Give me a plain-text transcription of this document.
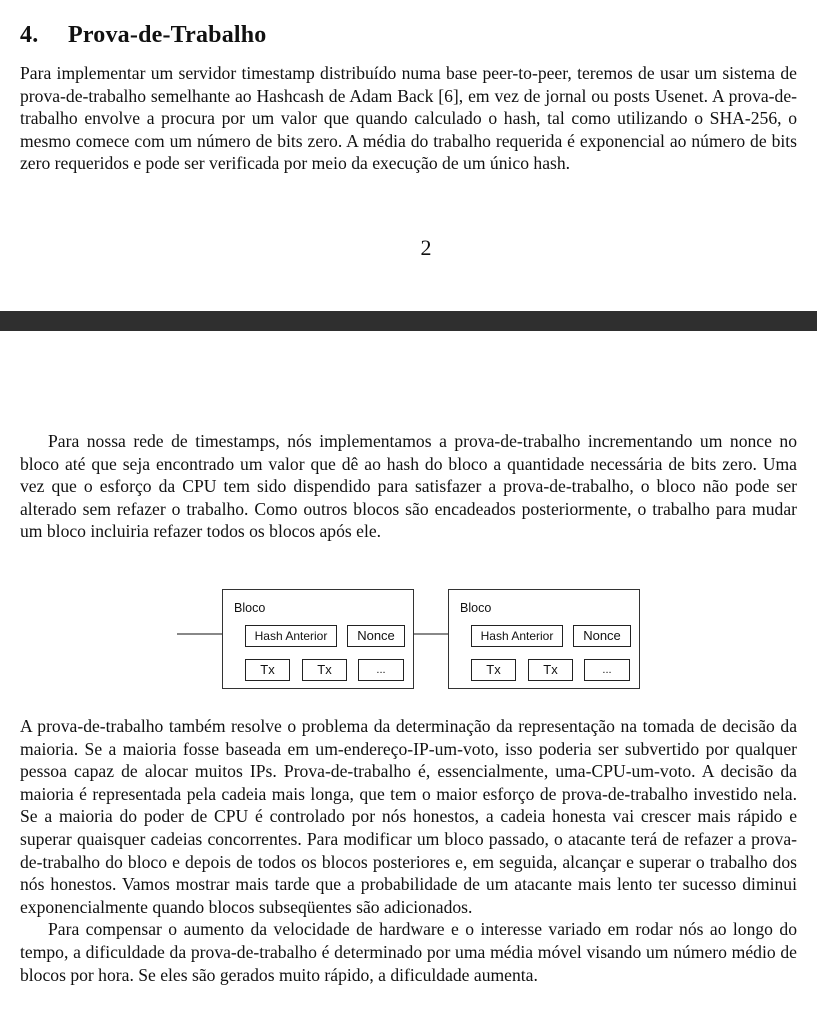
4. Prova-de-Trabalho

Para implementar um servidor timestamp distribuído numa base peer-to-peer, teremos de usar um sistema de prova-de-trabalho semelhante ao Hashcash de Adam Back [6], em vez de jornal ou posts Usenet. A prova-de-trabalho envolve a procura por um valor que quando calculado o hash, tal como utilizando o SHA-256, o mesmo comece com um número de bits zero. A média do trabalho requerida é exponencial ao número de bits zero requeridos e pode ser verificada por meio da execução de um único hash.

2

Para nossa rede de timestamps, nós implementamos a prova-de-trabalho incrementando um nonce no bloco até que seja encontrado um valor que dê ao hash do bloco a quantidade necessária de bits zero. Uma vez que o esforço da CPU tem sido dispendido para satisfazer a prova-de-trabalho, o bloco não pode ser alterado sem refazer o trabalho. Como outros blocos são encadeados posteriormente, o trabalho para mudar um bloco incluiria refazer todos os blocos após ele.

Bloco
Hash Anterior	Nonce
Tx	Tx	...
Bloco
Hash Anterior	Nonce
Tx	Tx	...

A prova-de-trabalho também resolve o problema da determinação da representação na tomada de decisão da maioria. Se a maioria fosse baseada em um-endereço-IP-um-voto, isso poderia ser subvertido por qualquer pessoa capaz de alocar muitos IPs. Prova-de-trabalho é, essencialmente, uma-CPU-um-voto. A decisão da maioria é representada pela cadeia mais longa, que tem o maior esforço de prova-de-trabalho investido nela. Se a maioria do poder de CPU é controlado por nós honestos, a cadeia honesta vai crescer mais rápido e superar quaisquer cadeias concorrentes. Para modificar um bloco passado, o atacante terá de refazer a prova-de-trabalho do bloco e depois de todos os blocos posteriores e, em seguida, alcançar e superar o trabalho dos nós honestos. Vamos mostrar mais tarde que a probabilidade de um atacante mais lento ter sucesso diminui exponencialmente quando blocos subseqüentes são adicionados.
Para compensar o aumento da velocidade de hardware e o interesse variado em rodar nós ao longo do tempo, a dificuldade da prova-de-trabalho é determinado por uma média móvel visando um número médio de blocos por hora. Se eles são gerados muito rápido, a dificuldade aumenta.
